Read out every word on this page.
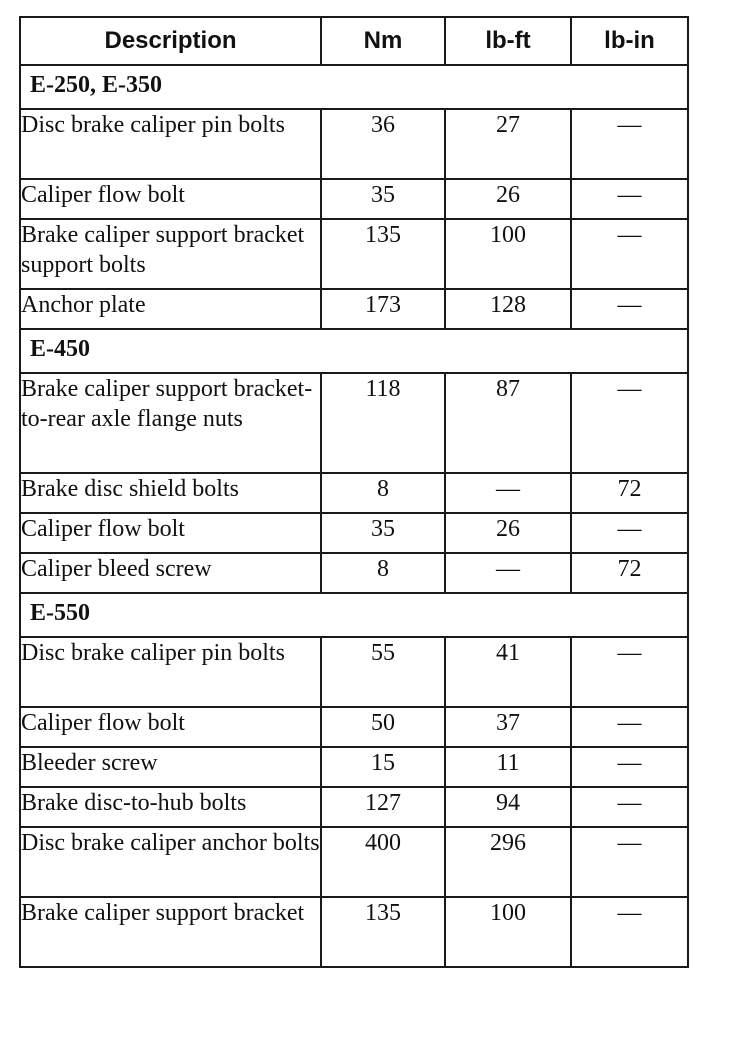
Description	Nm	lb-ft	lb-in
E-250, E-350			
Disc brake caliper pin bolts	36	27	—
Caliper flow bolt	35	26	—
Brake caliper support bracket support bolts	135	100	—
Anchor plate	173	128	—
E-450			
Brake caliper support bracket-to-rear axle flange nuts	118	87	—
Brake disc shield bolts	8	—	72
Caliper flow bolt	35	26	—
Caliper bleed screw	8	—	72
E-550			
Disc brake caliper pin bolts	55	41	—
Caliper flow bolt	50	37	—
Bleeder screw	15	11	—
Brake disc-to-hub bolts	127	94	—
Disc brake caliper anchor bolts	400	296	—
Brake caliper support bracket	135	100	—
